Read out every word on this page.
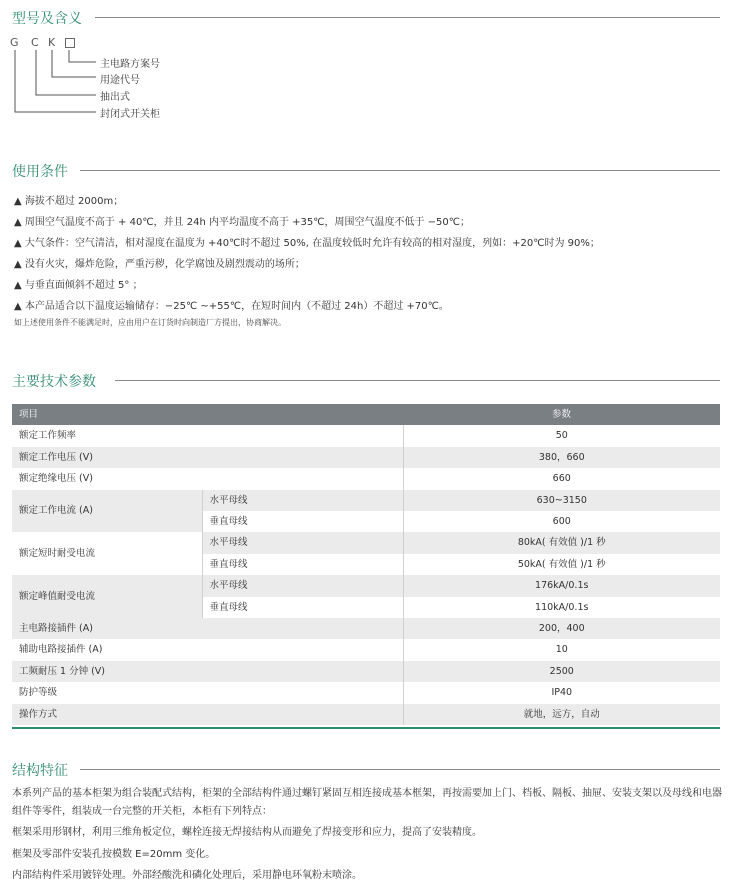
型号及含义
G C K
主电路方案号
用途代号
抽出式
封闭式开关柜
使用条件
▲ 海拔不超过 2000m；
▲ 周围空气温度不高于 + 40℃，并且 24h 内平均温度不高于 +35℃，周围空气温度不低于 −50℃；
▲ 大气条件：空气清洁，相对湿度在温度为 +40℃时不超过 50%, 在温度较低时允许有较高的相对湿度，列如：+20℃时为 90%；
▲ 没有火灾，爆炸危险，严重污秽，化学腐蚀及剧烈震动的场所；
▲ 与垂直面倾斜不超过 5° ；
▲ 本产品适合以下温度运输储存：−25℃ ~+55℃，在短时间内（不超过 24h）不超过 +70℃。
如上述使用条件不能满足时，应由用户在订货时向制造厂方提出，协商解决。
主要技术参数
项目		参数
额定工作频率		50
额定工作电压 (V)		380，660
额定绝缘电压 (V)		660
额定工作电流 (A)	水平母线	630~3150
	垂直母线	600
额定短时耐受电流	水平母线	80kA( 有效值 )/1 秒
	垂直母线	50kA( 有效值 )/1 秒
额定峰值耐受电流	水平母线	176kA/0.1s
	垂直母线	110kA/0.1s
主电路接插件 (A)		200，400
辅助电路接插件 (A)		10
工频耐压 1 分钟 (V)		2500
防护等级		IP40
操作方式		就地，远方，自动
结构特征
本系列产品的基本柜架为组合装配式结构，柜架的全部结构件通过螺钉紧固互相连接成基本框架，再按需要加上门、档板、隔板、抽屉、安装支架以及母线和电器组件等零件，组装成一台完整的开关柜，本柜有下列特点：
框架采用形钢材，利用三维角板定位，螺栓连接无焊接结构从而避免了焊接变形和应力，提高了安装精度。
框架及零部件安装孔按模数 E=20mm 变化。
内部结构件采用镀锌处理。外部经酸洗和磷化处理后，采用静电环氧粉末喷涂。
